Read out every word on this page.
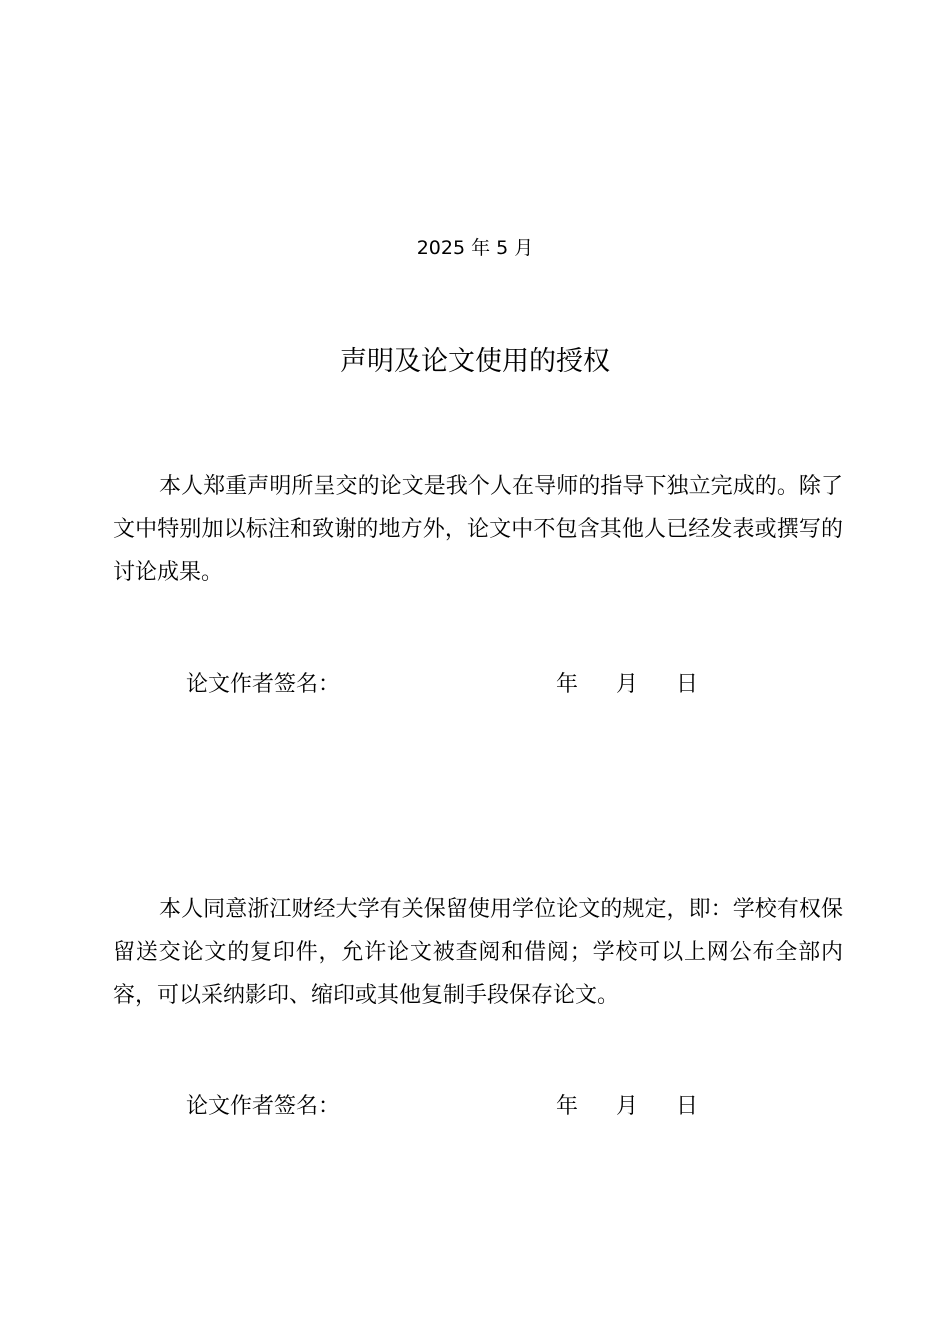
2025 年 5 月
声明及论文使用的授权

本人郑重声明所呈交的论文是我个人在导师的指导下独立完成的。除了文中特别加以标注和致谢的地方外，论文中不包含其他人已经发表或撰写的讨论成果。

论文作者签名：	年 月 日

本人同意浙江财经大学有关保留使用学位论文的规定，即：学校有权保留送交论文的复印件，允许论文被查阅和借阅；学校可以上网公布全部内容，可以采纳影印、缩印或其他复制手段保存论文。

论文作者签名：	年 月 日
